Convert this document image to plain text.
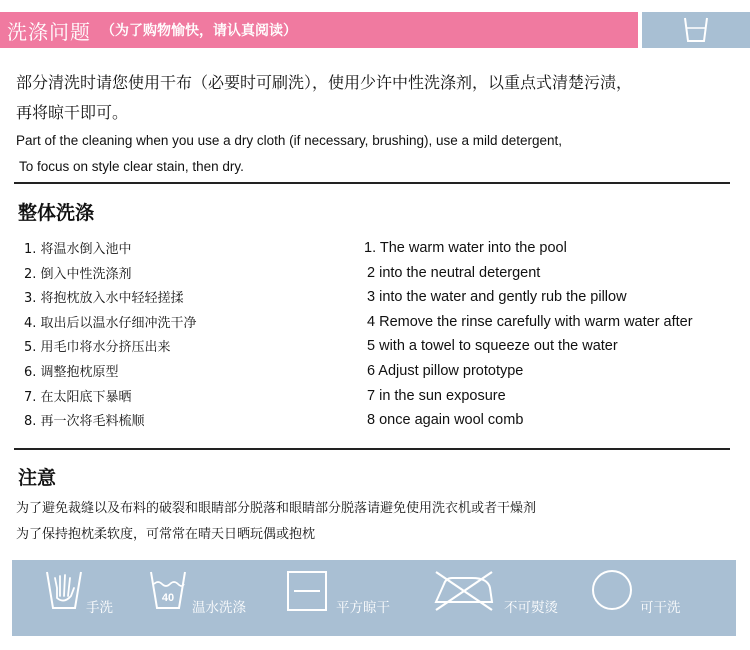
洗涤问题 （为了购物愉快，请认真阅读）
部分清洗时请您使用干布（必要时可刷洗），使用少许中性洗涤剂，以重点式清楚污渍，
再将晾干即可。
Part of the cleaning when you use a dry cloth (if necessary, brushing), use a mild detergent,
To focus on style clear stain, then dry.
整体洗涤
1. 将温水倒入池中
2. 倒入中性洗涤剂
3. 将抱枕放入水中轻轻搓揉
4. 取出后以温水仔细冲洗干净
5. 用毛巾将水分挤压出来
6. 调整抱枕原型
7. 在太阳底下暴晒
8. 再一次将毛料梳顺
1. The warm water into the pool
2 into the neutral detergent
3 into the water and gently rub the pillow
4 Remove the rinse carefully with warm water after
5 with a towel to squeeze out the water
6 Adjust pillow prototype
7 in the sun exposure
8 once again wool comb
注意
为了避免裁缝以及布料的破裂和眼睛部分脱落和眼睛部分脱落请避免使用洗衣机或者干燥剂
为了保持抱枕柔软度，可常常在晴天日晒玩偶或抱枕
手洗
40
温水洗涤	平方晾干	不可熨烫	可干洗
